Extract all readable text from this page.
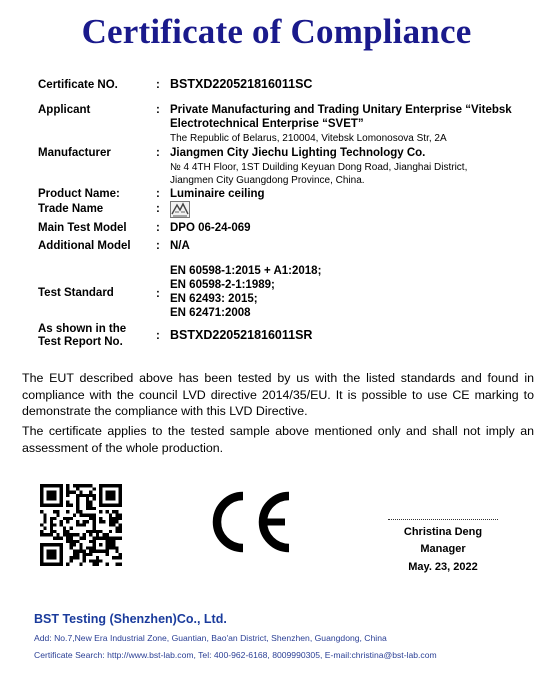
Certificate of Compliance
Certificate NO.	: BSTXD220521816011SC
Applicant	: Private Manufacturing and Trading Unitary Enterprise “Vitebsk
Electrotechnical Enterprise “SVET”
The Republic of Belarus, 210004, Vitebsk Lomonosova Str, 2A
Manufacturer	: Jiangmen City Jiechu Lighting Technology Co.
№ 4 4TH Floor, 1ST Duilding Keyuan Dong Road, Jianghai District,
Jiangmen City Guangdong Province, China.
Product Name:	: Luminaire ceiling
Trade Name	:
Main Test Model	: DPO 06-24-069
Additional Model : N/A
Test Standard	:
EN 60598-1:2015 + A1:2018;
EN 60598-2-1:1989;
EN 62493: 2015;
EN 62471:2008
As shown in the
Test Report No.	: BSTXD220521816011SR
The EUT described above has been tested by us with the listed standards and found in compliance with the council LVD directive 2014/35/EU. It is possible to use CE marking to demonstrate the compliance with this LVD Directive.
The certificate applies to the tested sample above mentioned only and shall not imply an assessment of the whole production.
Christina Deng
Manager
May. 23, 2022
BST Testing (Shenzhen)Co., Ltd.
Add: No.7,New Era Industrial Zone, Guantian, Bao'an District, Shenzhen, Guangdong, China
Certificate Search: http://www.bst-lab.com, Tel: 400-962-6168, 8009990305, E-mail:christina@bst-lab.com
